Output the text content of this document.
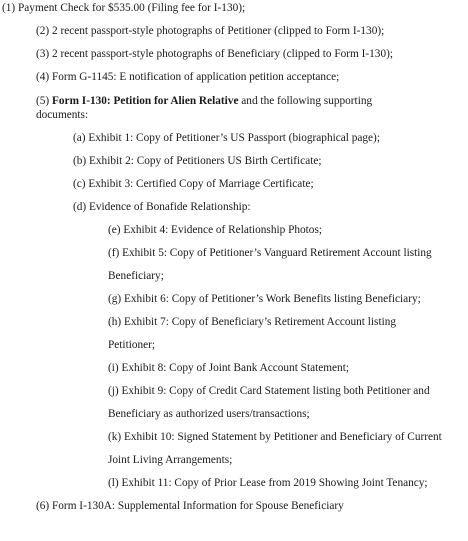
(1) Payment Check for $535.00 (Filing fee for I-130);
(2) 2 recent passport-style photographs of Petitioner (clipped to Form I-130);
(3) 2 recent passport-style photographs of Beneficiary (clipped to Form I-130);
(4) Form G-1145: E notification of application petition acceptance;
(5) Form I-130: Petition for Alien Relative and the following supporting
documents:
(a) Exhibit 1: Copy of Petitioner’s US Passport (biographical page);
(b) Exhibit 2: Copy of Petitioners US Birth Certificate;
(c) Exhibit 3: Certified Copy of Marriage Certificate;
(d) Evidence of Bonafide Relationship:
(e) Exhibit 4: Evidence of Relationship Photos;
(f) Exhibit 5: Copy of Petitioner’s Vanguard Retirement Account listing
Beneficiary;
(g) Exhibit 6: Copy of Petitioner’s Work Benefits listing Beneficiary;
(h) Exhibit 7: Copy of Beneficiary’s Retirement Account listing
Petitioner;
(i) Exhibit 8: Copy of Joint Bank Account Statement;
(j) Exhibit 9: Copy of Credit Card Statement listing both Petitioner and
Beneficiary as authorized users/transactions;
(k) Exhibit 10: Signed Statement by Petitioner and Beneficiary of Current
Joint Living Arrangements;
(l) Exhibit 11: Copy of Prior Lease from 2019 Showing Joint Tenancy;
(6) Form I-130A: Supplemental Information for Spouse Beneficiary
